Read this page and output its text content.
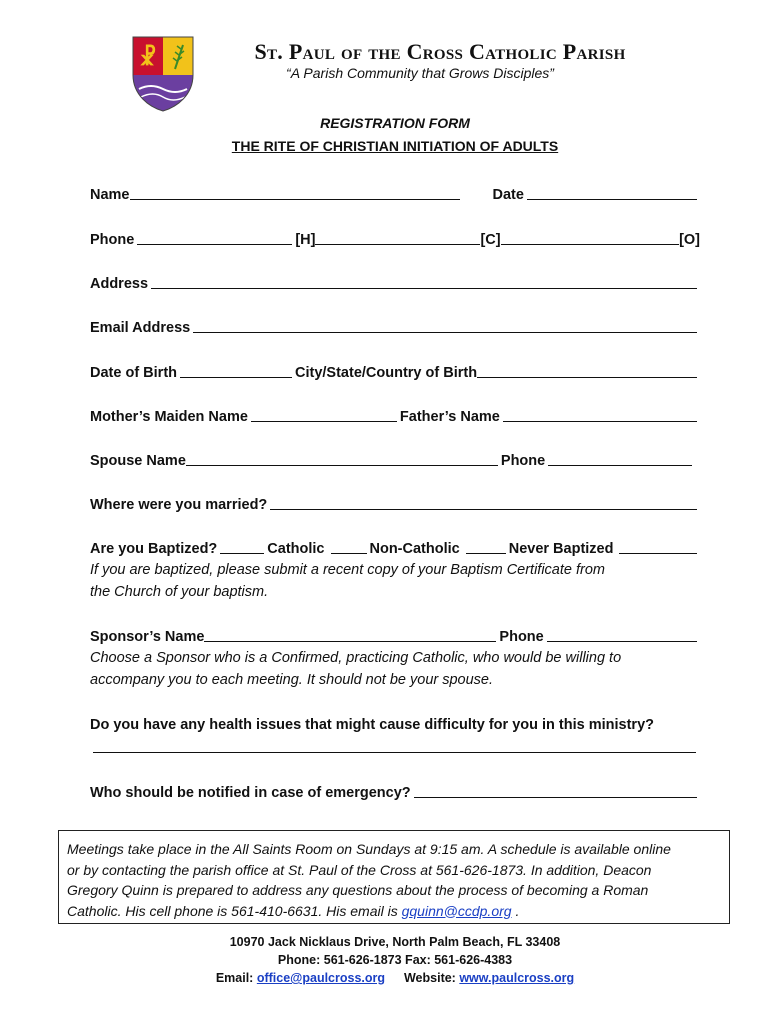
☧	St. Paul of the Cross Catholic Parish
“A Parish Community that Grows Disciples”
REGISTRATION FORM
THE RITE OF CHRISTIAN INITIATION OF ADULTS
Name	Date
Phone	[H]	[C]	[O]
Address
Email Address
Date of Birth	City/State/Country of Birth
Mother’s Maiden Name	Father’s Name
Spouse Name	Phone
Where were you married?
Are you Baptized?	Catholic	Non-Catholic	Never Baptized
If you are baptized, please submit a recent copy of your Baptism Certificate from
the Church of your baptism.
Sponsor’s Name	Phone
Choose a Sponsor who is a Confirmed, practicing Catholic, who would be willing to
accompany you to each meeting. It should not be your spouse.
Do you have any health issues that might cause difficulty for you in this ministry?
Who should be notified in case of emergency?
Meetings take place in the All Saints Room on Sundays at 9:15 am. A schedule is available online
or by contacting the parish office at St. Paul of the Cross at 561-626-1873. In addition, Deacon
Gregory Quinn is prepared to address any questions about the process of becoming a Roman
Catholic. His cell phone is 561-410-6631. His email is gquinn@ccdp.org .
10970 Jack Nicklaus Drive, North Palm Beach, FL 33408
Phone: 561-626-1873 Fax: 561-626-4383
Email: office@paulcross.org Website: www.paulcross.org
